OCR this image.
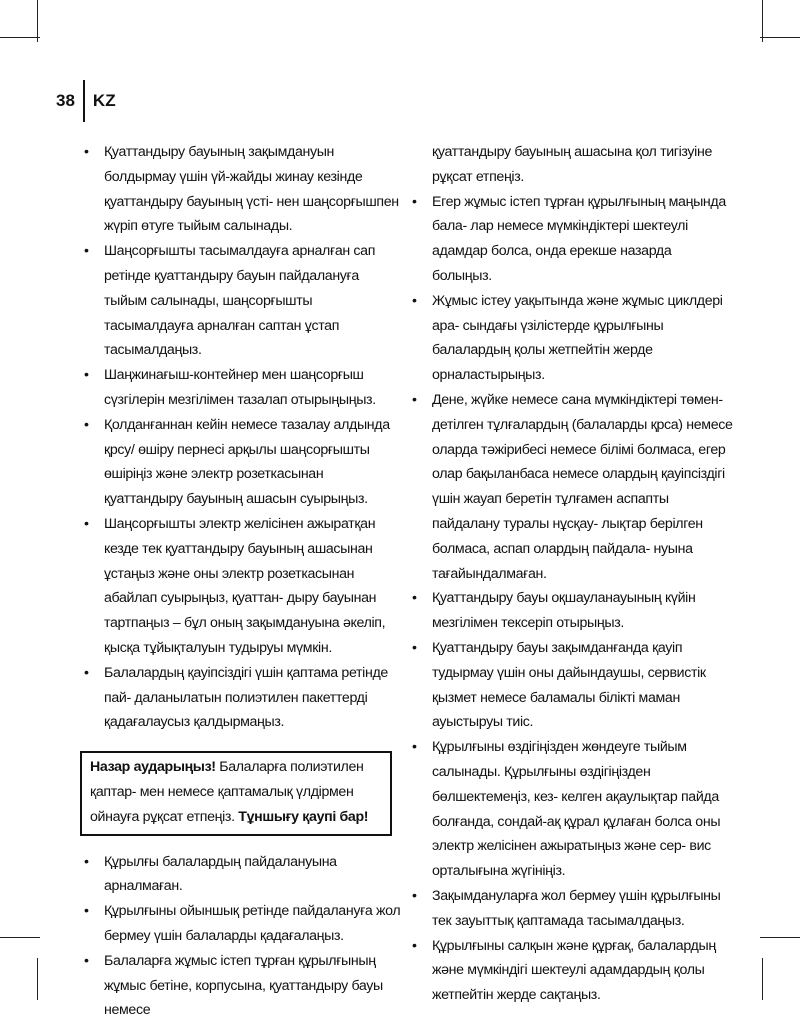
38 KZ
• Қуаттандыру бауының зақымдануын болдырмау үшін үй-жайды жинау кезінде қуаттандыру бауының үсті- нен шаңсорғышпен жүріп өтуге тыйым салынады.
• Шаңсорғышты тасымалдауға арналған сап ретінде қуаттандыру бауын пайдалануға тыйым салынады, шаңсорғышты тасымалдауға арналған саптан ұстап тасымалдаңыз.
• Шаңжинағыш-контейнер мен шаңсорғыш сүзгілерін мезгілімен тазалап отырыңыңыз.
• Қолданғаннан кейін немесе тазалау алдында қрсу/ өшіру пернесі арқылы шаңсорғышты өшіріңіз және электр розеткасынан қуаттандыру бауының ашасын суырыңыз.
• Шаңсорғышты электр желісінен ажыратқан кезде тек қуаттандыру бауының ашасынан ұстаңыз және оны электр розеткасынан абайлап суырыңыз, қуаттан- дыру бауынан тартпаңыз – бұл оның зақымдануына әкеліп, қысқа тұйықталуын тудыруы мүмкін.
• Балалардың қауіпсіздігі үшін қаптама ретінде пай- даланылатын полиэтилен пакеттерді қадағалаусыз қалдырмаңыз.
Назар аударыңыз! Балаларға полиэтилен қаптар- мен немесе қаптамалық үлдірмен ойнауға рұқсат етпеңіз. Тұншығу қаупі бар!
• Құрылғы балалардың пайдалануына арналмаған.
• Құрылғыны ойыншық ретінде пайдалануға жол бермеу үшін балаларды қадағалаңыз.
• Балаларға жұмыс істеп тұрған құрылғының жұмыс бетіне, корпусына, қуаттандыру бауы немесе
қуаттандыру бауының ашасына қол тигізуіне рұқсат етпеңіз.
• Егер жұмыс істеп тұрған құрылғының маңында бала- лар немесе мүмкіндіктері шектеулі адамдар болса, онда ерекше назарда болыңыз.
• Жұмыс істеу уақытында және жұмыс циклдері ара- сындағы үзілістерде құрылғыны балалардың қолы жетпейтін жерде орналастырыңыз.
• Дене, жүйке немесе сана мүмкіндіктері төмен- детілген тұлғалардың (балаларды қрса) немесе оларда тәжірибесі немесе білімі болмаса, егер олар бақыланбаса немесе олардың қауіпсіздігі үшін жауап беретін тұлғамен аспапты пайдалану туралы нұсқау- лықтар берілген болмаса, аспап олардың пайдала- нуына тағайындалмаған.
• Қуаттандыру бауы оқшауланауының күйін мезгілімен тексеріп отырыңыз.
• Қуаттандыру бауы зақымданғанда қауіп тудырмау үшін оны дайындаушы, сервистік қызмет немесе баламалы білікті маман ауыстыруы тиіс.
• Құрылғыны өздігіңізден жөндеуге тыйым салынады. Құрылғыны өздігіңізден бөлшектемеңіз, кез- келген ақаулықтар пайда болғанда, сондай-ақ құрал құлаған болса оны электр желісінен ажыратыңыз және сер- вис орталығына жүгініңіз.
• Зақымдануларға жол бермеу үшін құрылғыны тек зауыттық қаптамада тасымалдаңыз.
• Құрылғыны салқын және құрғақ, балалардың және мүмкіндігі шектеулі адамдардың қолы жетпейтін жерде сақтаңыз.
